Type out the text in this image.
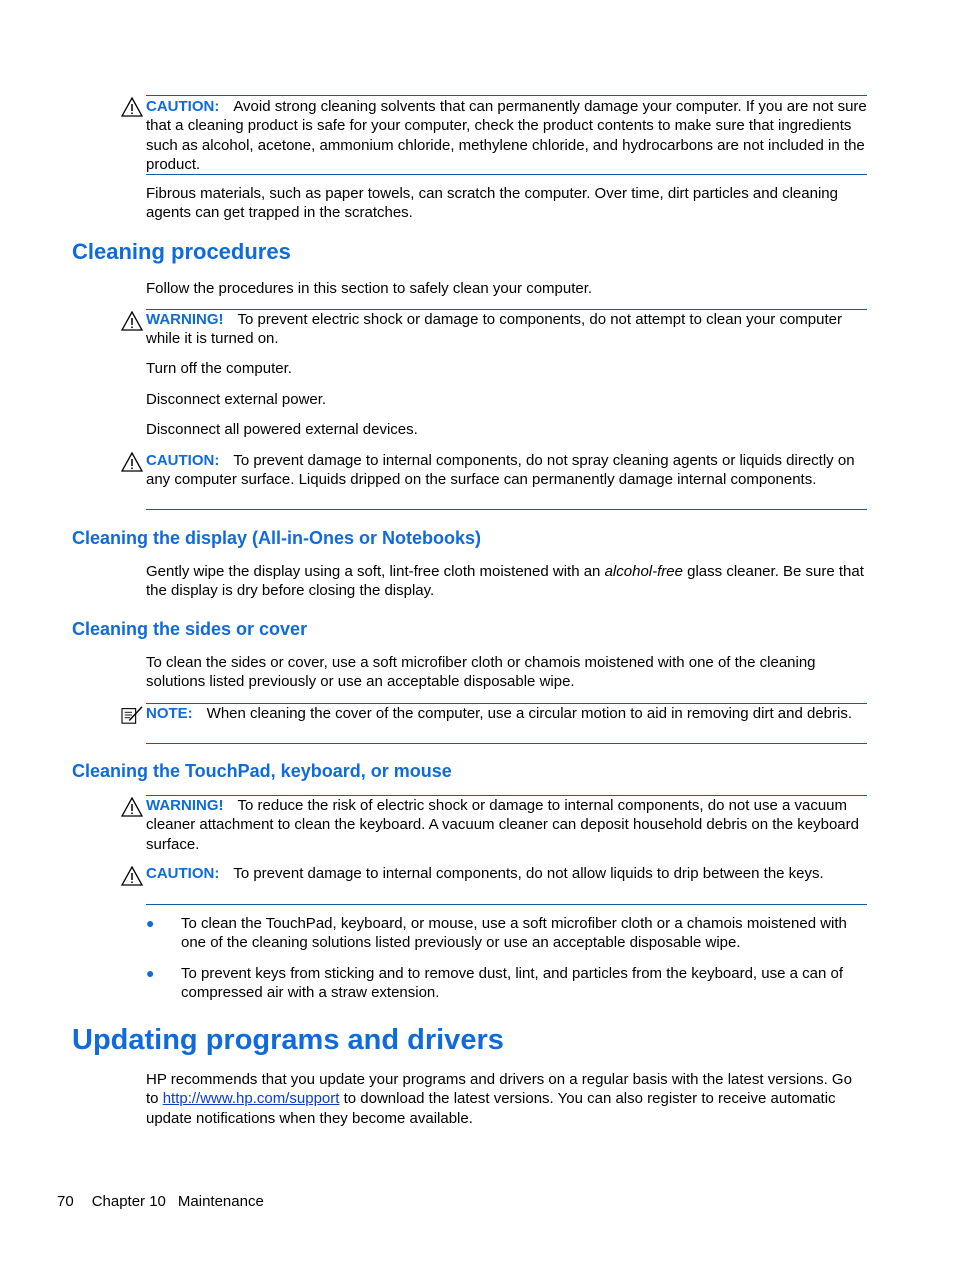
CAUTION: Avoid strong cleaning solvents that can permanently damage your computer. If you are not sure that a cleaning product is safe for your computer, check the product contents to make sure that ingredients such as alcohol, acetone, ammonium chloride, methylene chloride, and hydrocarbons are not included in the product.
Fibrous materials, such as paper towels, can scratch the computer. Over time, dirt particles and cleaning agents can get trapped in the scratches.
Cleaning procedures
Follow the procedures in this section to safely clean your computer.
WARNING! To prevent electric shock or damage to components, do not attempt to clean your computer while it is turned on.
Turn off the computer.
Disconnect external power.
Disconnect all powered external devices.
CAUTION: To prevent damage to internal components, do not spray cleaning agents or liquids directly on any computer surface. Liquids dripped on the surface can permanently damage internal components.
Cleaning the display (All-in-Ones or Notebooks)
Gently wipe the display using a soft, lint-free cloth moistened with an alcohol-free glass cleaner. Be sure that the display is dry before closing the display.
Cleaning the sides or cover
To clean the sides or cover, use a soft microfiber cloth or chamois moistened with one of the cleaning solutions listed previously or use an acceptable disposable wipe.
NOTE: When cleaning the cover of the computer, use a circular motion to aid in removing dirt and debris.
Cleaning the TouchPad, keyboard, or mouse
WARNING! To reduce the risk of electric shock or damage to internal components, do not use a vacuum cleaner attachment to clean the keyboard. A vacuum cleaner can deposit household debris on the keyboard surface.
CAUTION: To prevent damage to internal components, do not allow liquids to drip between the keys.
● To clean the TouchPad, keyboard, or mouse, use a soft microfiber cloth or a chamois moistened with one of the cleaning solutions listed previously or use an acceptable disposable wipe.
● To prevent keys from sticking and to remove dust, lint, and particles from the keyboard, use a can of compressed air with a straw extension.
Updating programs and drivers
HP recommends that you update your programs and drivers on a regular basis with the latest versions. Go to http://www.hp.com/support to download the latest versions. You can also register to receive automatic update notifications when they become available.
70 Chapter 10 Maintenance
